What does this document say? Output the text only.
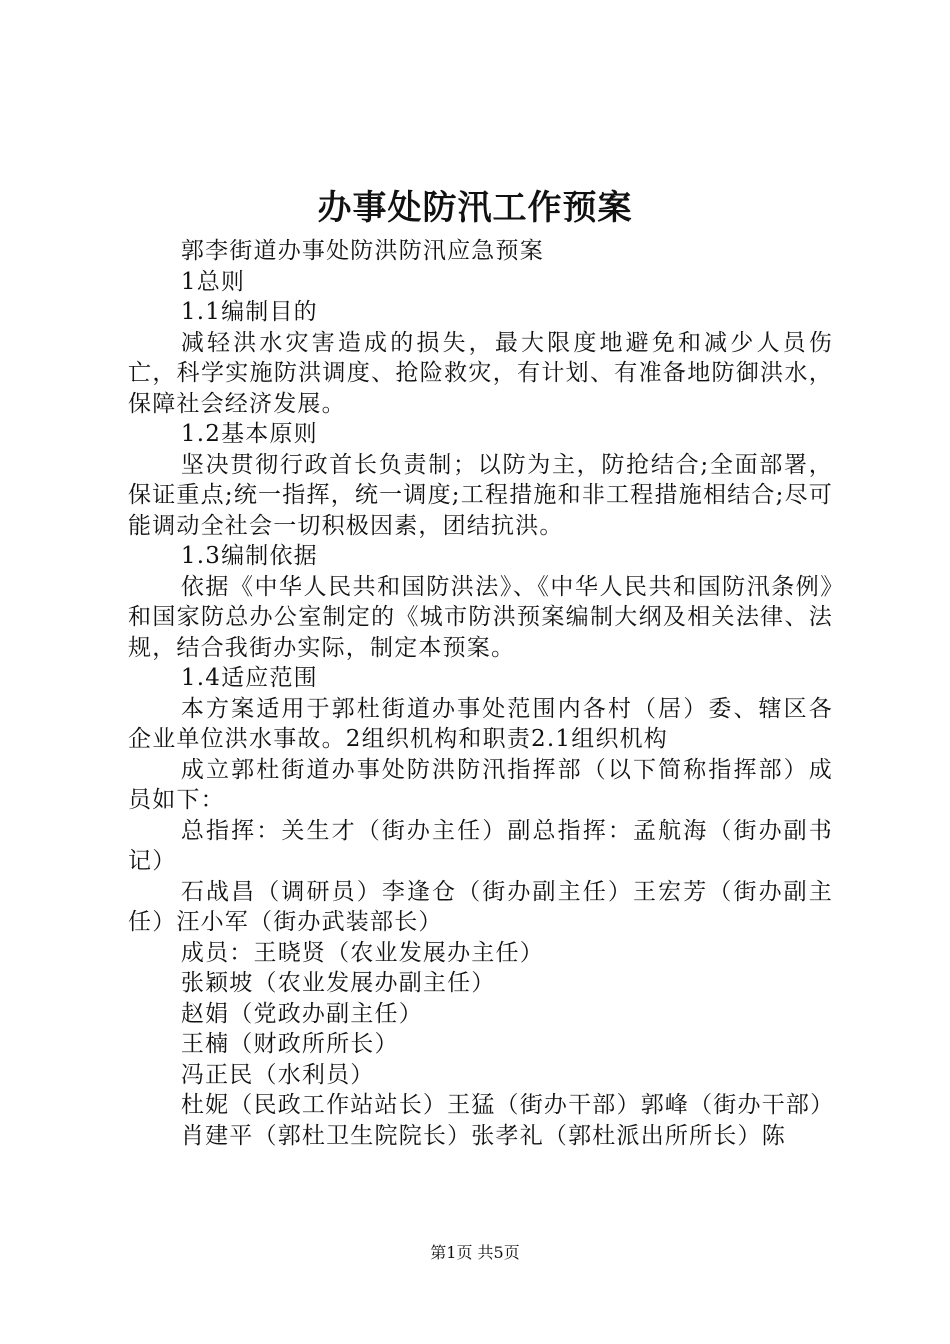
办事处防汛工作预案

郭李街道办事处防洪防汛应急预案

1总则

1.1编制目的

减轻洪水灾害造成的损失，最大限度地避免和减少人员伤亡，科学实施防洪调度、抢险救灾，有计划、有准备地防御洪水，保障社会经济发展。

1.2基本原则

坚决贯彻行政首长负责制；以防为主，防抢结合;全面部署，保证重点;统一指挥，统一调度;工程措施和非工程措施相结合;尽可能调动全社会一切积极因素，团结抗洪。

1.3编制依据

依据《中华人民共和国防洪法》、《中华人民共和国防汛条例》和国家防总办公室制定的《城市防洪预案编制大纲及相关法律、法规，结合我街办实际，制定本预案。

1.4适应范围

本方案适用于郭杜街道办事处范围内各村（居）委、辖区各企业单位洪水事故。2组织机构和职责2.1组织机构

成立郭杜街道办事处防洪防汛指挥部（以下简称指挥部）成员如下：

总指挥：关生才（街办主任）副总指挥：孟航海（街办副书记）

石战昌（调研员）李逢仓（街办副主任）王宏芳（街办副主任）汪小军（街办武装部长）

成员：王晓贤（农业发展办主任）

张颖坡（农业发展办副主任）

赵娟（党政办副主任）

王楠（财政所所长）

冯正民（水利员）

杜妮（民政工作站站长）王猛（街办干部）郭峰（街办干部）

肖建平（郭杜卫生院院长）张孝礼（郭杜派出所所长）陈

第1页 共5页
